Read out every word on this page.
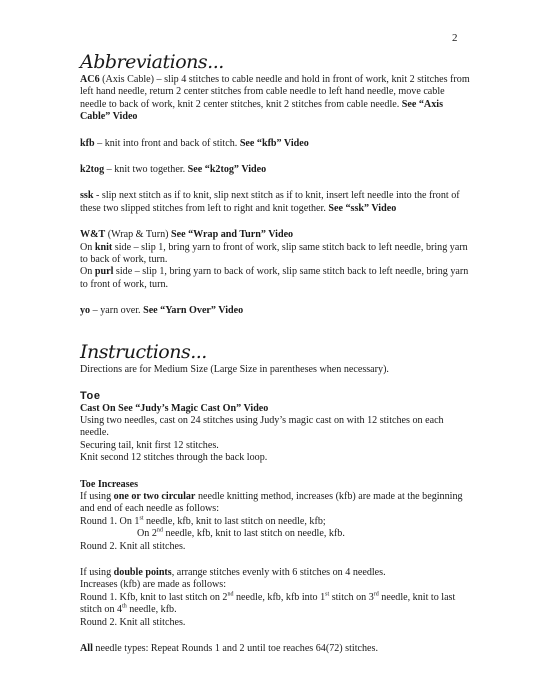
2
Abbreviations...

AC6 (Axis Cable) – slip 4 stitches to cable needle and hold in front of work, knit 2 stitches from left hand needle, return 2 center stitches from cable needle to left hand needle, move cable needle to back of work, knit 2 center stitches, knit 2 stitches from cable needle. See “Axis Cable” Video

kfb – knit into front and back of stitch. See “kfb” Video

k2tog – knit two together. See “k2tog” Video

ssk - slip next stitch as if to knit, slip next stitch as if to knit, insert left needle into the front of these two slipped stitches from left to right and knit together. See “ssk” Video

W&T (Wrap & Turn) See “Wrap and Turn” Video
On knit side – slip 1, bring yarn to front of work, slip same stitch back to left needle, bring yarn to back of work, turn.
On purl side – slip 1, bring yarn to back of work, slip same stitch back to left needle, bring yarn to front of work, turn.

yo – yarn over. See “Yarn Over” Video

Instructions...

Directions are for Medium Size (Large Size in parentheses when necessary).

Toe

Cast On See “Judy’s Magic Cast On” Video
Using two needles, cast on 24 stitches using Judy’s magic cast on with 12 stitches on each needle.
Securing tail, knit first 12 stitches.
Knit second 12 stitches through the back loop.

Toe Increases
If using one or two circular needle knitting method, increases (kfb) are made at the beginning and end of each needle as follows:
Round 1. On 1st needle, kfb, knit to last stitch on needle, kfb;
On 2nd needle, kfb, knit to last stitch on needle, kfb.
Round 2. Knit all stitches.

If using double points, arrange stitches evenly with 6 stitches on 4 needles.
Increases (kfb) are made as follows:
Round 1. Kfb, knit to last stitch on 2nd needle, kfb, kfb into 1st stitch on 3rd needle, knit to last stitch on 4th needle, kfb.
Round 2. Knit all stitches.

All needle types: Repeat Rounds 1 and 2 until toe reaches 64(72) stitches.
